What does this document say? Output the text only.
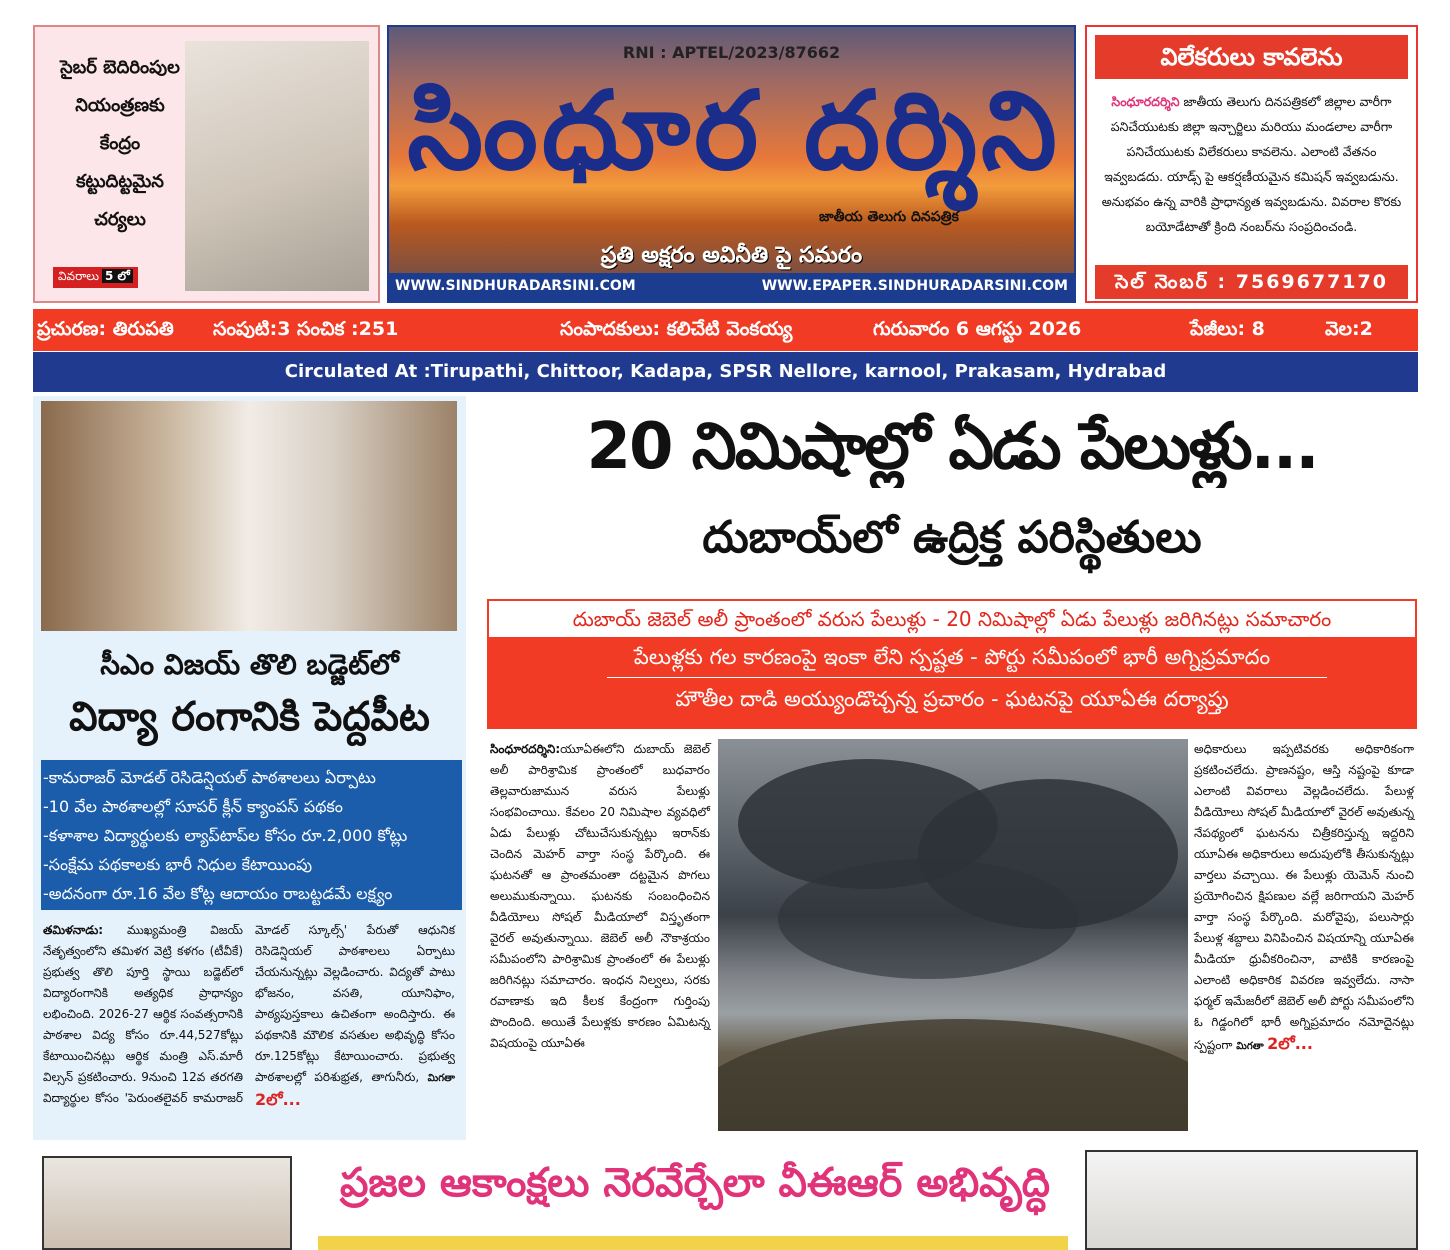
సైబర్ బెదిరింపుల
నియంత్రణకు
కేంద్రం
కట్టుదిట్టమైన
చర్యలు
వివరాలు 5 లో
RNI : APTEL/2023/87662
సింధూర దర్శిని
జాతీయ తెలుగు దినపత్రిక
ప్రతి అక్షరం అవినీతి పై సమరం
WWW.SINDHURADARSINI.COM	WWW.EPAPER.SINDHURADARSINI.COM
విలేకరులు కావలెను
సింధూరదర్శిని జాతీయ తెలుగు దినపత్రికలో జిల్లాల వారీగా పనిచేయుటకు జిల్లా ఇన్చార్జిలు మరియు మండలాల వారీగా పనిచేయుటకు విలేకరులు కావలెను. ఎలాంటి వేతనం ఇవ్వబడదు. యాడ్స్ పై ఆకర్షణీయమైన కమిషన్ ఇవ్వబడును. అనుభవం ఉన్న వారికి ప్రాధాన్యత ఇవ్వబడును. వివరాల కొరకు బయోడేటాతో క్రింది నంబర్‌ను సంప్రదించండి.
సెల్ నెంబర్ : 7569677170
ప్రచురణ: తిరుపతి సంపుటి:3 సంచిక :251	సంపాదకులు: కలిచేటి వెంకయ్య	గురువారం 6 ఆగస్టు 2026	పేజీలు: 8	వెల:2
Circulated At :Tirupathi, Chittoor, Kadapa, SPSR Nellore, karnool, Prakasam, Hydrabad
సీఎం విజయ్ తొలి బడ్జెట్‌లో
విద్యా రంగానికి పెద్దపీట
-కామరాజర్ మోడల్ రెసిడెన్షియల్ పాఠశాలలు ఏర్పాటు
-10 వేల పాఠశాలల్లో సూపర్ క్లీన్ క్యాంపస్ పథకం
-కళాశాల విద్యార్థులకు ల్యాప్‌టాప్‌ల కోసం రూ.2,000 కోట్లు
-సంక్షేమ పథకాలకు భారీ నిధుల కేటాయింపు
-అదనంగా రూ.16 వేల కోట్ల ఆదాయం రాబట్టడమే లక్ష్యం
తమిళనాడు: ముఖ్యమంత్రి విజయ్ నేతృత్వంలోని తమిళగ వెట్రి కళగం (టీవీకే) ప్రభుత్వ తొలి పూర్తి స్థాయి బడ్జెట్‌లో విద్యారంగానికి అత్యధిక ప్రాధాన్యం లభించింది. 2026-27 ఆర్థిక సంవత్సరానికి పాఠశాల విద్య కోసం రూ.44,527కోట్లు కేటాయించినట్లు ఆర్థిక మంత్రి ఎస్.మారీ విల్సన్ ప్రకటించారు. 9నుంచి 12వ తరగతి విద్యార్థుల కోసం 'పెరుంతలైవర్ కామరాజర్ మోడల్ స్కూల్స్' పేరుతో ఆధునిక రెసిడెన్షియల్ పాఠశాలలు ఏర్పాటు చేయనున్నట్లు వెల్లడించారు. విద్యతో పాటు భోజనం, వసతి, యూనిఫాం, పాఠ్యపుస్తకాలు ఉచితంగా అందిస్తారు. ఈ పథకానికి మౌలిక వసతుల అభివృద్ధి కోసం రూ.125కోట్లు కేటాయించారు. ప్రభుత్వ పాఠశాలల్లో పరిశుభ్రత, తాగునీరు, మిగతా 2లో...
20 నిమిషాల్లో ఏడు పేలుళ్లు...
దుబాయ్‌లో ఉద్రిక్త పరిస్థితులు
దుబాయ్ జెబెల్ అలీ ప్రాంతంలో వరుస పేలుళ్లు - 20 నిమిషాల్లో ఏడు పేలుళ్లు జరిగినట్లు సమాచారం
పేలుళ్లకు గల కారణంపై ఇంకా లేని స్పష్టత - పోర్టు సమీపంలో భారీ అగ్నిప్రమాదం
హౌతీల దాడి అయ్యుండొచ్చన్న ప్రచారం - ఘటనపై యూఏఈ దర్యాప్తు
సింధూరదర్శిని:యూఏఈలోని దుబాయ్ జెబెల్ అలీ పారిశ్రామిక ప్రాంతంలో బుధవారం తెల్లవారుజామున వరుస పేలుళ్లు సంభవించాయి. కేవలం 20 నిమిషాల వ్యవధిలో ఏడు పేలుళ్లు చోటుచేసుకున్నట్లు ఇరాన్‌కు చెందిన మెహర్ వార్తా సంస్థ పేర్కొంది. ఈ ఘటనతో ఆ ప్రాంతమంతా దట్టమైన పొగలు అలుముకున్నాయి. ఘటనకు సంబంధించిన వీడియోలు సోషల్ మీడియాలో విస్తృతంగా వైరల్ అవుతున్నాయి. జెబెల్ అలీ నౌకాశ్రయం సమీపంలోని పారిశ్రామిక ప్రాంతంలో ఈ పేలుళ్లు జరిగినట్లు సమాచారం. ఇంధన నిల్వలు, సరకు రవాణాకు ఇది కీలక కేంద్రంగా గుర్తింపు పొందింది. అయితే పేలుళ్లకు కారణం ఏమిటన్న విషయంపై యూఏఈ
అధికారులు ఇప్పటివరకు అధికారికంగా ప్రకటించలేదు. ప్రాణనష్టం, ఆస్తి నష్టంపై కూడా ఎలాంటి వివరాలు వెల్లడించలేదు. పేలుళ్ల వీడియోలు సోషల్ మీడియాలో వైరల్ అవుతున్న నేపథ్యంలో ఘటనను చిత్రీకరిస్తున్న ఇద్దరిని యూఏఈ అధికారులు అదుపులోకి తీసుకున్నట్లు వార్తలు వచ్చాయి. ఈ పేలుళ్లు యెమెన్ నుంచి ప్రయోగించిన క్షిపణుల వల్లే జరిగాయని మెహర్ వార్తా సంస్థ పేర్కొంది. మరోవైపు, పలుసార్లు పేలుళ్ల శబ్దాలు వినిపించిన విషయాన్ని యూఏఈ మీడియా ధ్రువీకరించినా, వాటికి కారణంపై ఎలాంటి అధికారిక వివరణ ఇవ్వలేదు. నాసా ఫర్మల్ ఇమేజరీలో జెబెల్ అలీ పోర్టు సమీపంలోని ఓ గిడ్డంగిలో భారీ అగ్నిప్రమాదం నమోదైనట్లు స్పష్టంగా మిగతా 2లో...
ప్రజల ఆకాంక్షలు నెరవేర్చేలా వీఈఆర్ అభివృద్ధి
